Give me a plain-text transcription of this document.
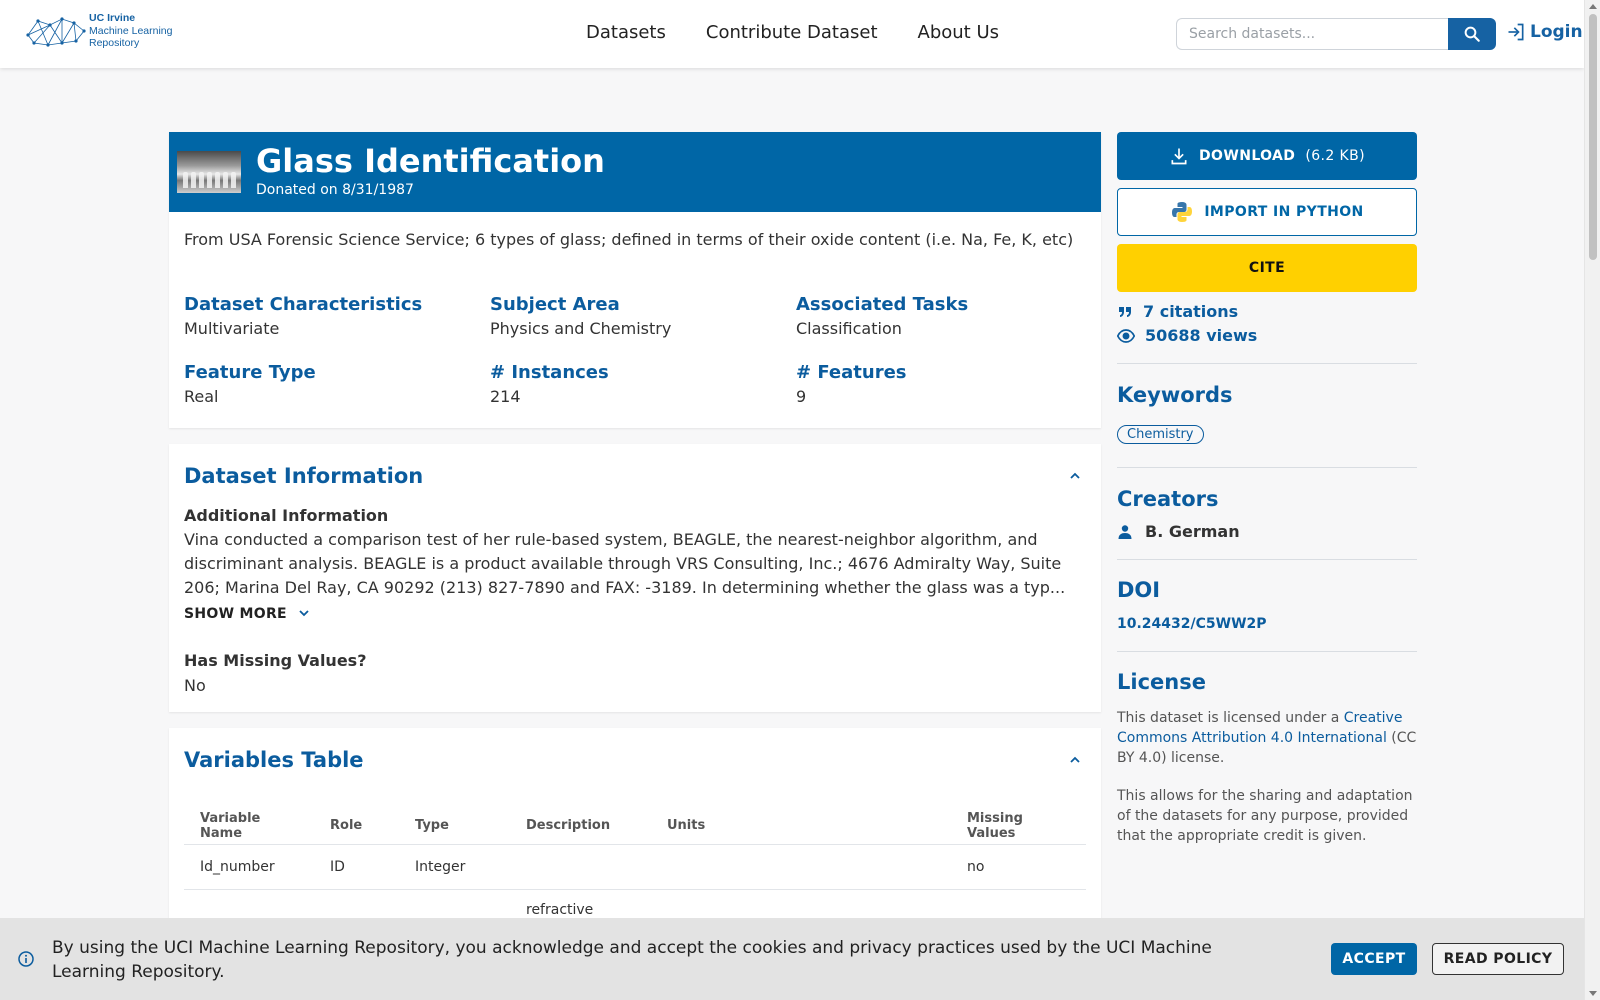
UC Irvine
Machine Learning
Repository	Datasets Contribute Dataset About Us
Search datasets...	Login
Glass Identification
Donated on 8/31/1987
From USA Forensic Science Service; 6 types of glass; defined in terms of their oxide content (i.e. Na, Fe, K, etc)
Dataset Characteristics
Multivariate
Subject Area
Physics and Chemistry
Associated Tasks
Classification
Feature Type
Real
# Instances
214
# Features
9
Dataset Information
Additional Information
Vina conducted a comparison test of her rule-based system, BEAGLE, the nearest-neighbor algorithm, and discriminant analysis. BEAGLE is a product available through VRS Consulting, Inc.; 4676 Admiralty Way, Suite 206; Marina Del Ray, CA 90292 (213) 827-7890 and FAX: -3189. In determining whether the glass was a typ...
SHOW MORE
Has Missing Values?
No
Variables Table
Variable Name	Role	Type	Description	Units	Missing Values
Id_number	ID	Integer			no
			refractive		
DOWNLOAD (6.2 KB)
IMPORT IN PYTHON
CITE
7 citations
50688 views
Keywords
Chemistry
Creators
B. German
DOI
10.24432/C5WW2P
License
This dataset is licensed under a Creative Commons Attribution 4.0 International (CC BY 4.0) license.
This allows for the sharing and adaptation of the datasets for any purpose, provided that the appropriate credit is given.
By using the UCI Machine Learning Repository, you acknowledge and accept the cookies and privacy practices used by the UCI Machine Learning Repository.
ACCEPT	READ POLICY
